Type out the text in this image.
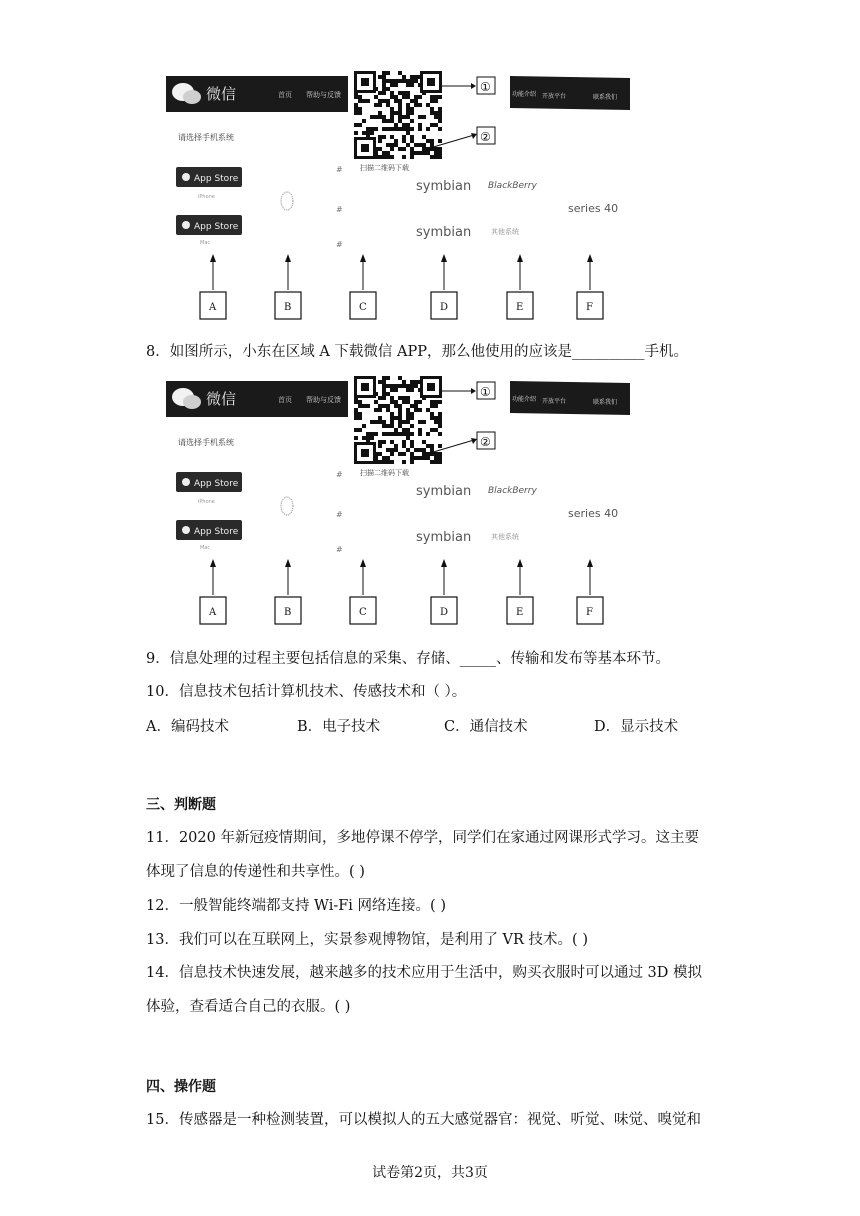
微信	首页 帮助与反馈
请选择手机系统
App Store
iPhone
App Store
Mac
#
#
#
扫描二维码下载
①
②
功能介绍 开放平台	联系我们
symbian BlackBerry
series 40
symbian	其他系统
A	B	C	D	E	F
8．如图所示，小东在区域 A 下载微信 APP，那么他使用的应该是__________手机。
微信	首页 帮助与反馈
请选择手机系统
App Store
iPhone
App Store
Mac
#
#
#
扫描二维码下载
①
②
功能介绍 开放平台	联系我们
symbian BlackBerry
series 40
symbian	其他系统
A	B	C	D	E	F
9．信息处理的过程主要包括信息的采集、存储、_____、传输和发布等基本环节。
10．信息技术包括计算机技术、传感技术和（ ）。
A．编码技术	B．电子技术	C．通信技术	D．显示技术
三、判断题
11．2020 年新冠疫情期间，多地停课不停学，同学们在家通过网课形式学习。这主要
体现了信息的传递性和共享性。( )
12．一般智能终端都支持 Wi-Fi 网络连接。( )
13．我们可以在互联网上，实景参观博物馆，是利用了 VR 技术。( )
14．信息技术快速发展，越来越多的技术应用于生活中，购买衣服时可以通过 3D 模拟
体验，查看适合自己的衣服。( )
四、操作题
15．传感器是一种检测装置，可以模拟人的五大感觉器官：视觉、听觉、味觉、嗅觉和
试卷第2页，共3页
